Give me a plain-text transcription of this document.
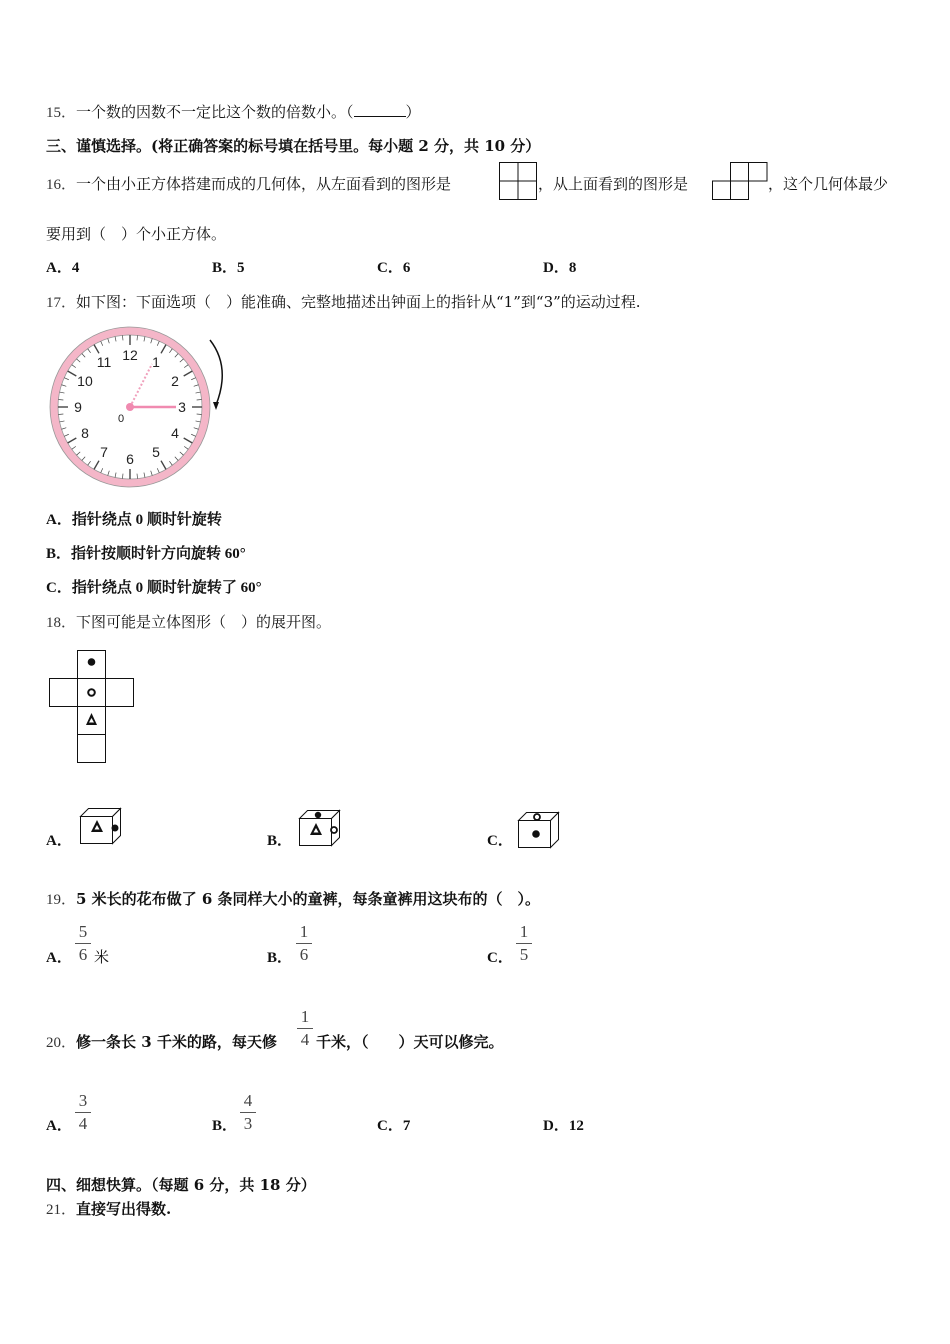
15．一个数的因数不一定比这个数的倍数小。（	）
三、谨慎选择。(将正确答案的标号填在括号里。每小题 2 分，共 10 分）
16．一个由小正方体搭建而成的几何体，从左面看到的图形是	，从上面看到的图形是	，这个几何体最少
要用到（　）个小正方体。
A．4	B．5	C．6	D．8
17．如下图：下面选项（　）能准确、完整地描述出钟面上的指针从“1”到“3”的运动过程.
12 1
2
3
4
5
6
7
8
9
10
11
0
A．指针绕点 0 顺时针旋转
B．指针按顺时针方向旋转 60°
C．指针绕点 0 顺时针旋转了 60°
18．下图可能是立体图形（　）的展开图。
A．	B．	C．
19．5 米长的花布做了 6 条同样大小的童裤，每条童裤用这块布的（　）。
A．
5
6 米	B．
1
6	C．
1
5
20．修一条长 3 千米的路，每天修
1
4 千米，（　　）天可以修完。
A．
3
4	B．
4
3	C．7	D．12
四、细想快算。（每题 6 分，共 18 分）
21．直接写出得数.
